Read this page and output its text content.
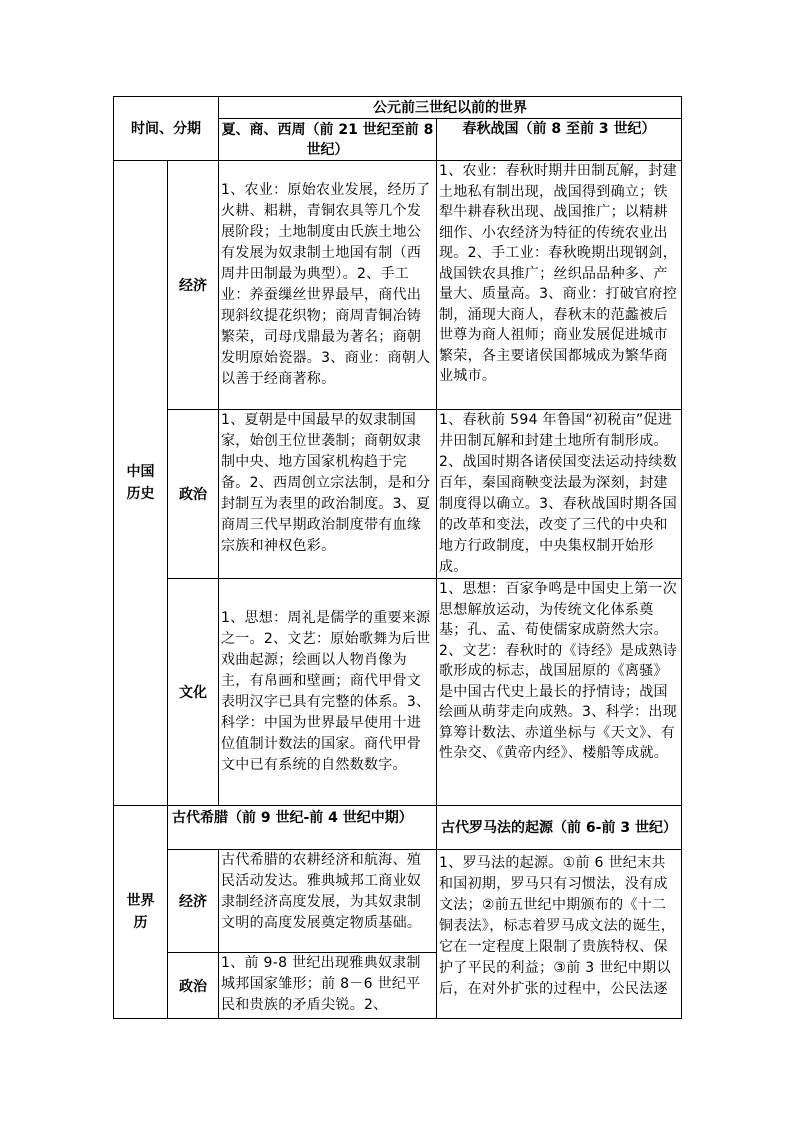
时间、分期		公元前三世纪以前的世界	
		夏、商、西周（前 21 世纪至前 8 世纪）	春秋战国（前 8 至前 3 世纪）
中国历史	经济	1、农业：原始农业发展，经历了火耕、耜耕，青铜农具等几个发展阶段；土地制度由氏族土地公有发展为奴隶制土地国有制（西周井田制最为典型）。2、手工业：养蚕缫丝世界最早，商代出现斜纹提花织物；商周青铜冶铸繁荣，司母戊鼎最为著名；商朝发明原始瓷器。3、商业：商朝人以善于经商著称。	1、农业：春秋时期井田制瓦解，封建土地私有制出现，战国得到确立；铁犁牛耕春秋出现、战国推广；以精耕细作、小农经济为特征的传统农业出现。2、手工业：春秋晚期出现钢剑，战国铁农具推广；丝织品品种多、产量大、质量高。3、商业：打破官府控制，涌现大商人，春秋末的范蠡被后世尊为商人祖师；商业发展促进城市繁荣，各主要诸侯国都城成为繁华商业城市。
	政治	1、夏朝是中国最早的奴隶制国家，始创王位世袭制；商朝奴隶制中央、地方国家机构趋于完备。2、西周创立宗法制，是和分封制互为表里的政治制度。3、夏商周三代早期政治制度带有血缘宗族和神权色彩。	1、春秋前 594 年鲁国“初税亩”促进井田制瓦解和封建土地所有制形成。2、战国时期各诸侯国变法运动持续数百年，秦国商鞅变法最为深刻，封建制度得以确立。3、春秋战国时期各国的改革和变法，改变了三代的中央和地方行政制度，中央集权制开始形成。
	文化	1、思想：周礼是儒学的重要来源之一。2、文艺：原始歌舞为后世戏曲起源；绘画以人物肖像为主，有帛画和壁画；商代甲骨文表明汉字已具有完整的体系。3、科学：中国为世界最早使用十进位值制计数法的国家。商代甲骨文中已有系统的自然数数字。	1、思想：百家争鸣是中国史上第一次思想解放运动，为传统文化体系奠基；孔、孟、荀使儒家成蔚然大宗。2、文艺：春秋时的《诗经》是成熟诗歌形成的标志，战国屈原的《离骚》是中国古代史上最长的抒情诗；战国绘画从萌芽走向成熟。3、科学：出现算筹计数法、赤道坐标与《天文》、有性杂交、《黄帝内经》、楼船等成就。
世界历	古代希腊（前 9 世纪-前 4 世纪中期）		古代罗马法的起源（前 6-前 3 世纪）
	经济	古代希腊的农耕经济和航海、殖民活动发达。雅典城邦工商业奴隶制经济高度发展，为其奴隶制文明的高度发展奠定物质基础。	1、罗马法的起源。①前 6 世纪末共和国初期，罗马只有习惯法，没有成文法；②前五世纪中期颁布的《十二铜表法》，标志着罗马成文法的诞生，它在一定程度上限制了贵族特权、保护了平民的利益；③前 3 世纪中期以后，在对外扩张的过程中，公民法逐
	政治	1、前 9-8 世纪出现雅典奴隶制城邦国家雏形；前 8－6 世纪平民和贵族的矛盾尖锐。2、	
